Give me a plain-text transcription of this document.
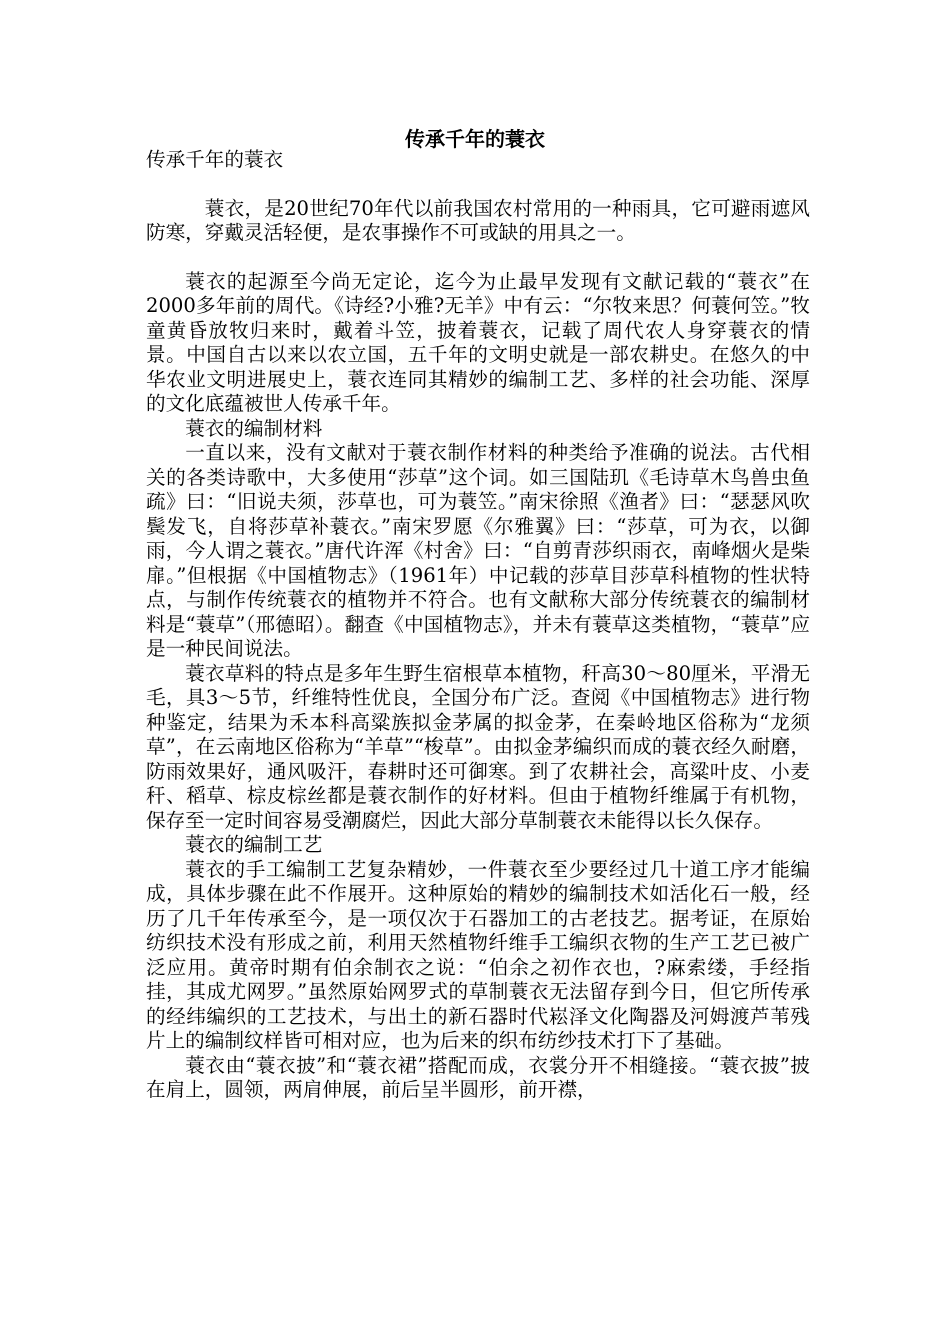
传承千年的蓑衣

传承千年的蓑衣

蓑衣，是20世纪70年代以前我国农村常用的一种雨具，它可避雨遮风防寒，穿戴灵活轻便，是农事操作不可或缺的用具之一。

蓑衣的起源至今尚无定论，迄今为止最早发现有文献记载的“蓑衣”在2000多年前的周代。《诗经?小雅?无羊》中有云：“尔牧来思？何蓑何笠。”牧童黄昏放牧归来时，戴着斗笠，披着蓑衣，记载了周代农人身穿蓑衣的情景。中国自古以来以农立国，五千年的文明史就是一部农耕史。在悠久的中华农业文明进展史上，蓑衣连同其精妙的编制工艺、多样的社会功能、深厚的文化底蕴被世人传承千年。

蓑衣的编制材料

一直以来，没有文献对于蓑衣制作材料的种类给予准确的说法。古代相关的各类诗歌中，大多使用“莎草”这个词。如三国陆玑《毛诗草木鸟兽虫鱼疏》曰：“旧说夫须，莎草也，可为蓑笠。”南宋徐照《渔者》曰：“瑟瑟风吹鬓发飞，自将莎草补蓑衣。”南宋罗愿《尔雅翼》曰：“莎草，可为衣，以御雨，今人谓之蓑衣。”唐代许浑《村舍》曰：“自剪青莎织雨衣，南峰烟火是柴扉。”但根据《中国植物志》（1961年）中记载的莎草目莎草科植物的性状特点，与制作传统蓑衣的植物并不符合。也有文献称大部分传统蓑衣的编制材料是“蓑草”（邢德昭）。翻查《中国植物志》，并未有蓑草这类植物，“蓑草”应是一种民间说法。

蓑衣草料的特点是多年生野生宿根草本植物，秆高30～80厘米，平滑无毛，具3～5节，纤维特性优良，全国分布广泛。查阅《中国植物志》进行物种鉴定，结果为禾本科高粱族拟金茅属的拟金茅，在秦岭地区俗称为“龙须草”，在云南地区俗称为“羊草”“梭草”。由拟金茅编织而成的蓑衣经久耐磨，防雨效果好，通风吸汗，春耕时还可御寒。到了农耕社会，高粱叶皮、小麦秆、稻草、棕皮棕丝都是蓑衣制作的好材料。但由于植物纤维属于有机物，保存至一定时间容易受潮腐烂，因此大部分草制蓑衣未能得以长久保存。

蓑衣的编制工艺

蓑衣的手工编制工艺复杂精妙，一件蓑衣至少要经过几十道工序才能编成，具体步骤在此不作展开。这种原始的精妙的编制技术如活化石一般，经历了几千年传承至今，是一项仅次于石器加工的古老技艺。据考证，在原始纺织技术没有形成之前，利用天然植物纤维手工编织衣物的生产工艺已被广泛应用。黄帝时期有伯余制衣之说：“伯余之初作衣也，?麻索缕，手经指挂，其成尤网罗。”虽然原始网罗式的草制蓑衣无法留存到今日，但它所传承的经纬编织的工艺技术，与出土的新石器时代崧泽文化陶器及河姆渡芦苇残片上的编制纹样皆可相对应，也为后来的织布纺纱技术打下了基础。

蓑衣由“蓑衣披”和“蓑衣裙”搭配而成，衣裳分开不相缝接。“蓑衣披”披在肩上，圆领，两肩伸展，前后呈半圆形，前开襟，
